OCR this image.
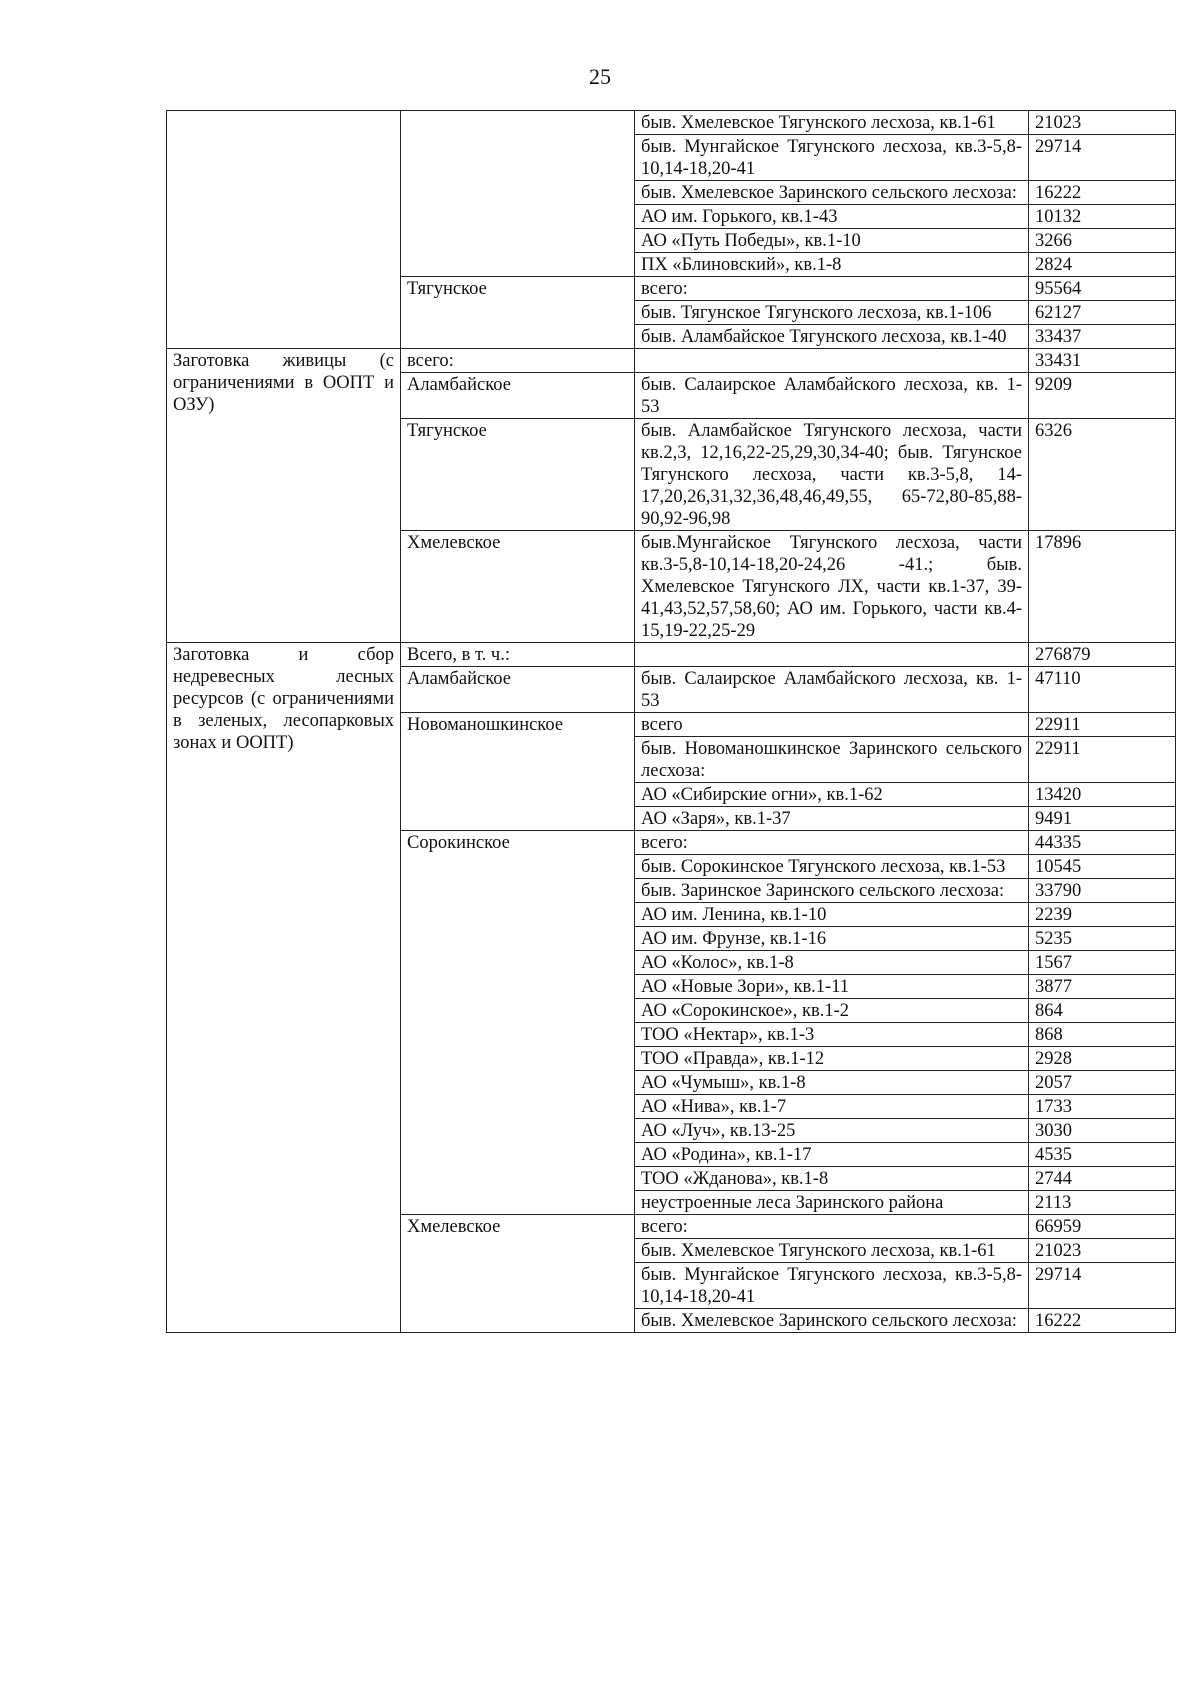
25
		быв. Хмелевское Тягунского лесхоза, кв.1-61	21023
		быв. Мунгайское Тягунского лесхоза, кв.3-5,8-10,14-18,20-41	29714
		быв. Хмелевское Заринского сельского лесхоза:	16222
		АО им. Горького, кв.1-43	10132
		АО «Путь Победы», кв.1-10	3266
		ПХ «Блиновский», кв.1-8	2824
	Тягунское	всего:	95564
		быв. Тягунское Тягунского лесхоза, кв.1-106	62127
		быв. Аламбайское Тягунского лесхоза, кв.1-40	33437
Заготовка живицы (с ограничениями в ООПТ и ОЗУ)	всего:		33431
	Аламбайское	быв. Салаирское Аламбайского лесхоза, кв. 1-53	9209
	Тягунское	быв. Аламбайское Тягунского лесхоза, части кв.2,3, 12,16,22-25,29,30,34-40; быв. Тягунское Тягунского лесхоза, части кв.3-5,8, 14-17,20,26,31,32,36,48,46,49,55, 65-72,80-85,88-90,92-96,98	6326
	Хмелевское	быв.Мунгайское Тягунского лесхоза, части кв.3-5,8-10,14-18,20-24,26 -41.; быв. Хмелевское Тягунского ЛХ, части кв.1-37, 39-41,43,52,57,58,60; АО им. Горького, части кв.4-15,19-22,25-29	17896
Заготовка и сбор недревесных лесных ресурсов (с ограничениями в зеленых, лесопарковых зонах и ООПТ)	Всего, в т. ч.:		276879
	Аламбайское	быв. Салаирское Аламбайского лесхоза, кв. 1-53	47110
	Новоманошкинское	всего	22911
		быв. Новоманошкинское Заринского сельского лесхоза:	22911
		АО «Сибирские огни», кв.1-62	13420
		АО «Заря», кв.1-37	9491
	Сорокинское	всего:	44335
		быв. Сорокинское Тягунского лесхоза, кв.1-53	10545
		быв. Заринское Заринского сельского лесхоза:	33790
		АО им. Ленина, кв.1-10	2239
		АО им. Фрунзе, кв.1-16	5235
		АО «Колос», кв.1-8	1567
		АО «Новые Зори», кв.1-11	3877
		АО «Сорокинское», кв.1-2	864
		ТОО «Нектар», кв.1-3	868
		ТОО «Правда», кв.1-12	2928
		АО «Чумыш», кв.1-8	2057
		АО «Нива», кв.1-7	1733
		АО «Луч», кв.13-25	3030
		АО «Родина», кв.1-17	4535
		ТОО «Жданова», кв.1-8	2744
		неустроенные леса Заринского района	2113
	Хмелевское	всего:	66959
		быв. Хмелевское Тягунского лесхоза, кв.1-61	21023
		быв. Мунгайское Тягунского лесхоза, кв.3-5,8-10,14-18,20-41	29714
		быв. Хмелевское Заринского сельского лесхоза:	16222
